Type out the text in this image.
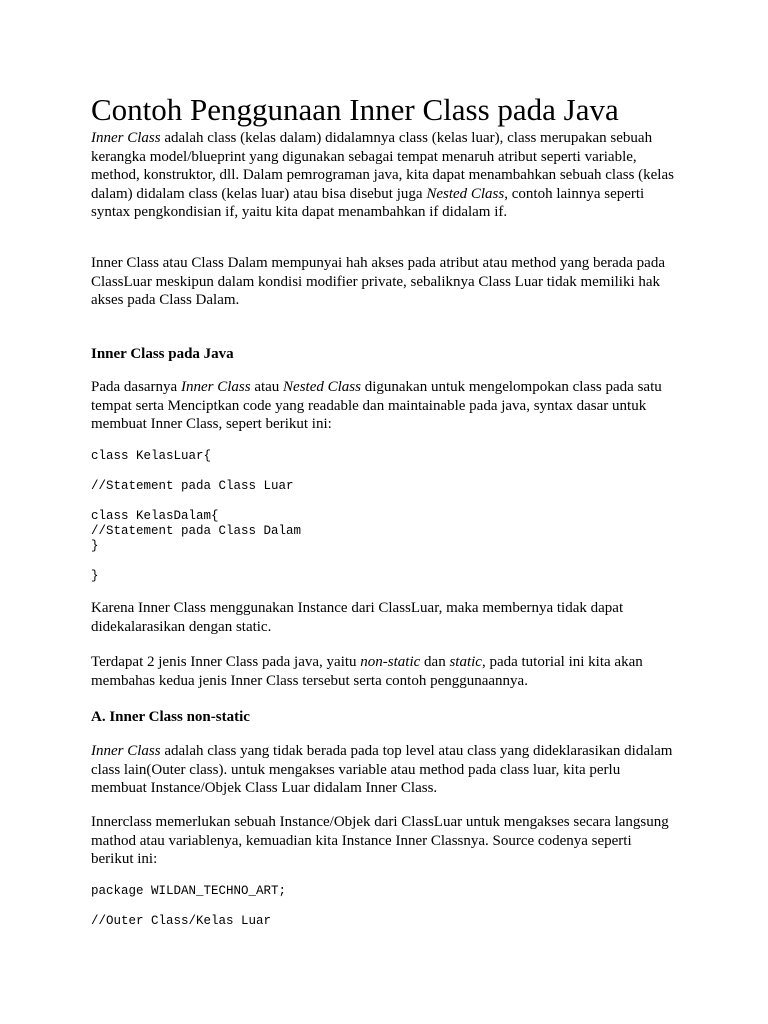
Contoh Penggunaan Inner Class pada Java

Inner Class adalah class (kelas dalam) didalamnya class (kelas luar), class merupakan sebuah
kerangka model/blueprint yang digunakan sebagai tempat menaruh atribut seperti variable,
method, konstruktor, dll. Dalam pemrograman java, kita dapat menambahkan sebuah class (kelas
dalam) didalam class (kelas luar) atau bisa disebut juga Nested Class, contoh lainnya seperti
syntax pengkondisian if, yaitu kita dapat menambahkan if didalam if.

Inner Class atau Class Dalam mempunyai hah akses pada atribut atau method yang berada pada
ClassLuar meskipun dalam kondisi modifier private, sebaliknya Class Luar tidak memiliki hak
akses pada Class Dalam.

Inner Class pada Java

Pada dasarnya Inner Class atau Nested Class digunakan untuk mengelompokan class pada satu
tempat serta Menciptkan code yang readable dan maintainable pada java, syntax dasar untuk
membuat Inner Class, sepert berikut ini:

class KelasLuar{

//Statement pada Class Luar

class KelasDalam{
//Statement pada Class Dalam
}

}

Karena Inner Class menggunakan Instance dari ClassLuar, maka membernya tidak dapat
didekalarasikan dengan static.

Terdapat 2 jenis Inner Class pada java, yaitu non-static dan static, pada tutorial ini kita akan
membahas kedua jenis Inner Class tersebut serta contoh penggunaannya.

A. Inner Class non-static

Inner Class adalah class yang tidak berada pada top level atau class yang dideklarasikan didalam
class lain(Outer class). untuk mengakses variable atau method pada class luar, kita perlu
membuat Instance/Objek Class Luar didalam Inner Class.

Innerclass memerlukan sebuah Instance/Objek dari ClassLuar untuk mengakses secara langsung
mathod atau variablenya, kemuadian kita Instance Inner Classnya. Source codenya seperti
berikut ini:

package WILDAN_TECHNO_ART;
//Outer Class/Kelas Luar
